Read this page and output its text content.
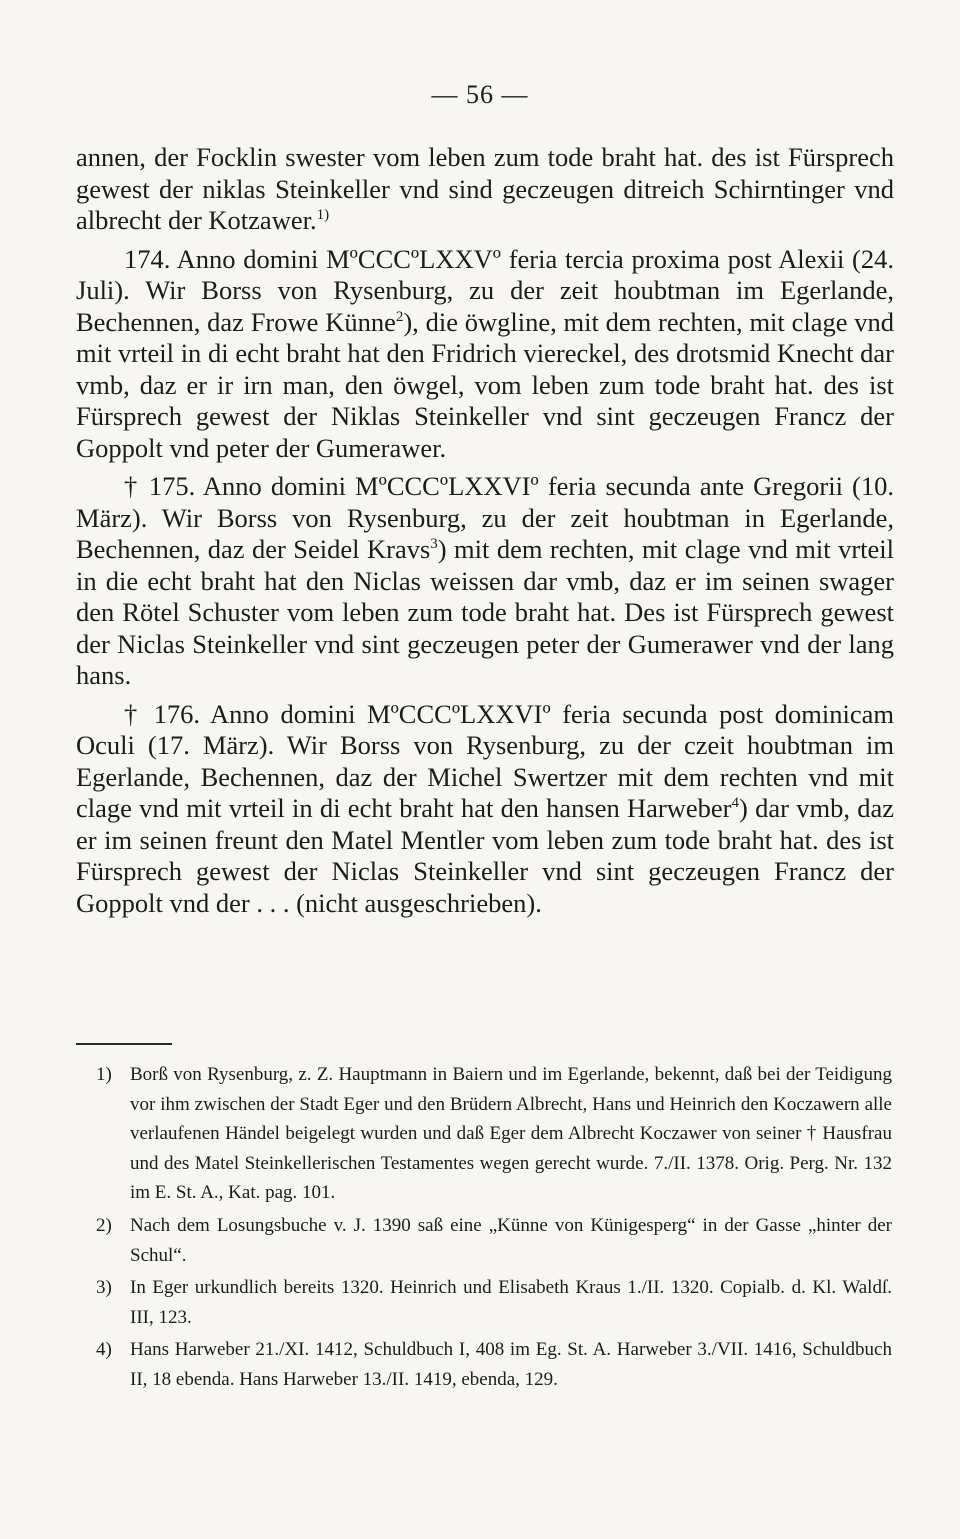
— 56 —

annen, der Focklin swester vom leben zum tode braht hat. des ist Fürsprech gewest der niklas Steinkeller vnd sind geczeugen ditreich Schirntinger vnd albrecht der Kotzawer.$^{1)}$

174. Anno domini MºCCCºLXXVº feria tercia proxima post Alexii (24. Juli). Wir Borss von Rysenburg, zu der zeit houbtman im Egerlande, Bechennen, daz Frowe Künne$^2$), die öwgline, mit dem rechten, mit clage vnd mit vrteil in di echt braht hat den Fridrich viereckel, des drotsmid Knecht dar vmb, daz er ir irn man, den öwgel, vom leben zum tode braht hat. des ist Fürsprech gewest der Niklas Steinkeller vnd sint geczeugen Francz der Goppolt vnd peter der Gumerawer.

† 175. Anno domini MºCCCºLXXVIº feria secunda ante Gregorii (10. März). Wir Borss von Rysenburg, zu der zeit houbtman in Egerlande, Bechennen, daz der Seidel Kravs$^3$) mit dem rechten, mit clage vnd mit vrteil in die echt braht hat den Niclas weissen dar vmb, daz er im seinen swager den Rötel Schuster vom leben zum tode braht hat. Des ist Fürsprech gewest der Niclas Steinkeller vnd sint geczeugen peter der Gumerawer vnd der lang hans.

† 176. Anno domini MºCCCºLXXVIº feria secunda post dominicam Oculi (17. März). Wir Borss von Rysenburg, zu der czeit houbtman im Egerlande, Bechennen, daz der Michel Swertzer mit dem rechten vnd mit clage vnd mit vrteil in di echt braht hat den hansen Harweber$^4$) dar vmb, daz er im seinen freunt den Matel Mentler vom leben zum tode braht hat. des ist Fürsprech gewest der Niclas Steinkeller vnd sint geczeugen Francz der Goppolt vnd der . . . (nicht ausgeschrieben).

1) Borß von Rysenburg, z. Z. Hauptmann in Baiern und im Egerlande, bekennt, daß bei der Teidigung vor ihm zwischen der Stadt Eger und den Brüdern Albrecht, Hans und Heinrich den Koczawern alle verlaufenen Händel beigelegt wurden und daß Eger dem Albrecht Koczawer von seiner † Hausfrau und des Matel Steinkellerischen Testamentes wegen gerecht wurde. 7./II. 1378. Orig. Perg. Nr. 132 im E. St. A., Kat. pag. 101.
2) Nach dem Losungsbuche v. J. 1390 saß eine „Künne von Künigesperg“ in der Gasse „hinter der Schul“.
3) In Eger urkundlich bereits 1320. Heinrich und Elisabeth Kraus 1./II. 1320. Copialb. d. Kl. Waldſ. III, 123.
4) Hans Harweber 21./XI. 1412, Schuldbuch I, 408 im Eg. St. A. Harweber 3./VII. 1416, Schuldbuch II, 18 ebenda. Hans Harweber 13./II. 1419, ebenda, 129.
